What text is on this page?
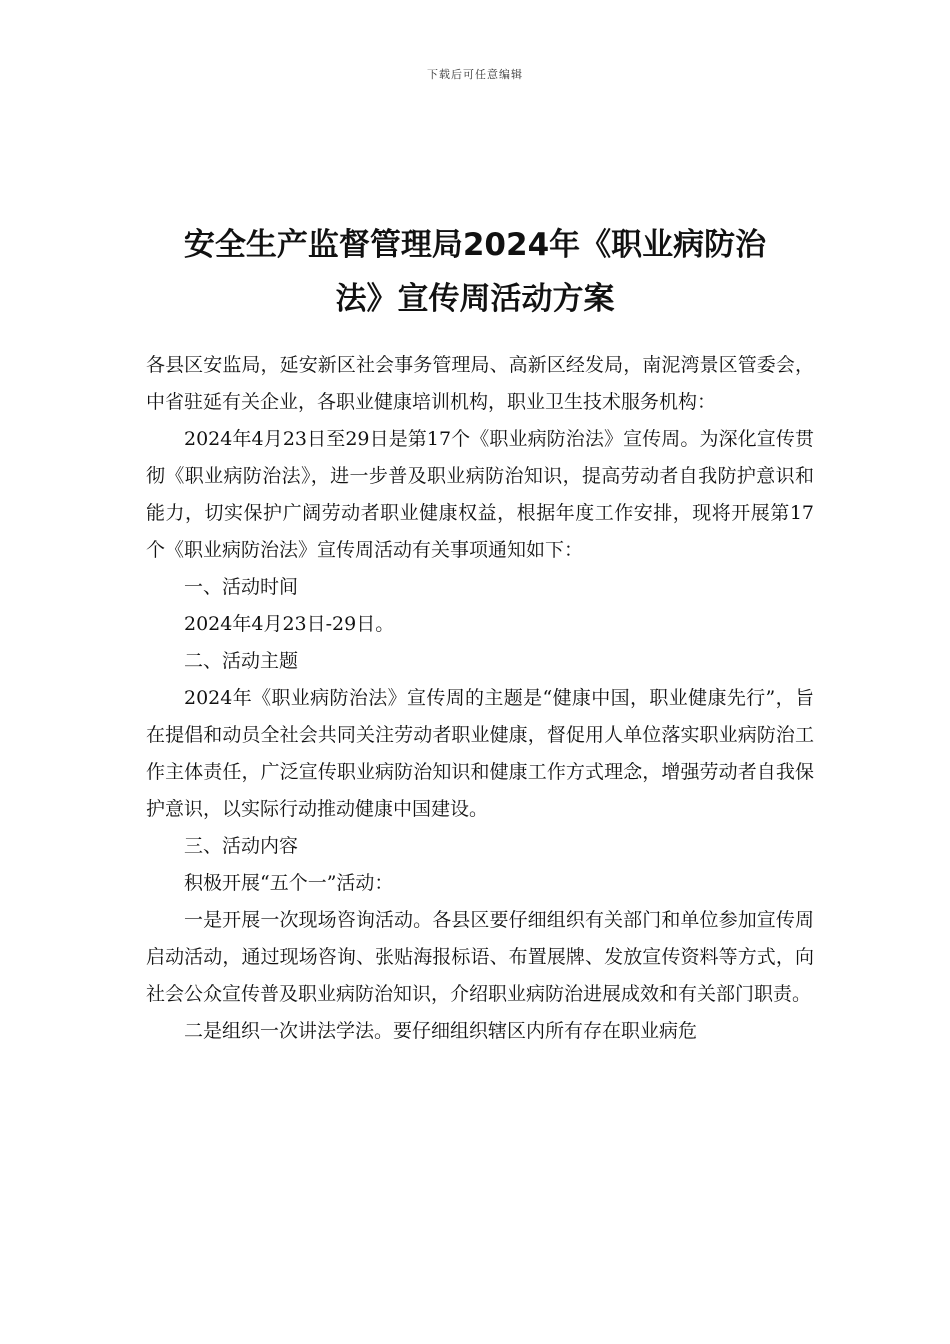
下载后可任意编辑
安全生产监督管理局2024年《职业病防治
法》宣传周活动方案

各县区安监局，延安新区社会事务管理局、高新区经发局，南泥湾景区管委会，中省驻延有关企业，各职业健康培训机构，职业卫生技术服务机构：

2024年4月23日至29日是第17个《职业病防治法》宣传周。为深化宣传贯彻《职业病防治法》，进一步普及职业病防治知识，提高劳动者自我防护意识和能力，切实保护广阔劳动者职业健康权益，根据年度工作安排，现将开展第17个《职业病防治法》宣传周活动有关事项通知如下：

一、活动时间

2024年4月23日-29日。

二、活动主题

2024年《职业病防治法》宣传周的主题是“健康中国，职业健康先行”，旨在提倡和动员全社会共同关注劳动者职业健康，督促用人单位落实职业病防治工作主体责任，广泛宣传职业病防治知识和健康工作方式理念，增强劳动者自我保护意识，以实际行动推动健康中国建设。

三、活动内容

积极开展“五个一”活动：

一是开展一次现场咨询活动。各县区要仔细组织有关部门和单位参加宣传周启动活动，通过现场咨询、张贴海报标语、布置展牌、发放宣传资料等方式，向社会公众宣传普及职业病防治知识，介绍职业病防治进展成效和有关部门职责。

二是组织一次讲法学法。要仔细组织辖区内所有存在职业病危
